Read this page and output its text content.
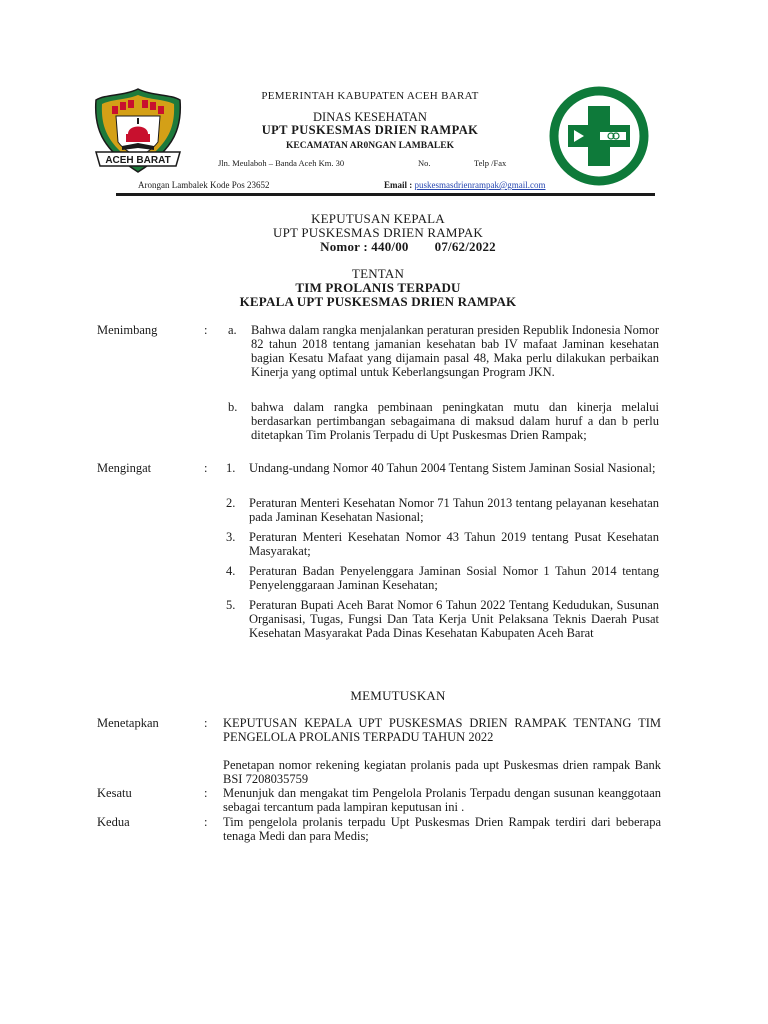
ACEH BARAT
PEMERINTAH KABUPATEN ACEH BARAT
DINAS KESEHATAN
UPT PUSKESMAS DRIEN RAMPAK
KECAMATAN AR0NGAN LAMBALEK
Jln. Meulaboh – Banda Aceh Km. 30	No.	Telp /Fax
Arongan Lambalek Kode Pos 23652	Email : puskesmasdrienrampak@gmail.com
KEPUTUSAN KEPALA
UPT PUSKESMAS DRIEN RAMPAK
Nomor : 440/00 07/62/2022
TENTAN
TIM PROLANIS TERPADU
KEPALA UPT PUSKESMAS DRIEN RAMPAK
Menimbang	: a. Bahwa dalam rangka menjalankan peraturan presiden Republik Indonesia Nomor 82 tahun 2018 tentang jamanian kesehatan bab IV mafaat Jaminan kesehatan bagian Kesatu Mafaat yang dijamain pasal 48, Maka perlu dilakukan perbaikan Kinerja yang optimal untuk Keberlangsungan Program JKN.
b. bahwa dalam rangka pembinaan peningkatan mutu dan kinerja melalui berdasarkan pertimbangan sebagaimana di maksud dalam huruf a dan b perlu ditetapkan Tim Prolanis Terpadu di Upt Puskesmas Drien Rampak;
Mengingat	: 1. Undang-undang Nomor 40 Tahun 2004 Tentang Sistem Jaminan Sosial Nasional;
2. Peraturan Menteri Kesehatan Nomor 71 Tahun 2013 tentang pelayanan kesehatan pada Jaminan Kesehatan Nasional;
3. Peraturan Menteri Kesehatan Nomor 43 Tahun 2019 tentang Pusat Kesehatan Masyarakat;
4. Peraturan Badan Penyelenggara Jaminan Sosial Nomor 1 Tahun 2014 tentang Penyelenggaraan Jaminan Kesehatan;
5. Peraturan Bupati Aceh Barat Nomor 6 Tahun 2022 Tentang Kedudukan, Susunan Organisasi, Tugas, Fungsi Dan Tata Kerja Unit Pelaksana Teknis Daerah Pusat Kesehatan Masyarakat Pada Dinas Kesehatan Kabupaten Aceh Barat
MEMUTUSKAN
Menetapkan	: KEPUTUSAN KEPALA UPT PUSKESMAS DRIEN RAMPAK TENTANG TIM PENGELOLA PROLANIS TERPADU TAHUN 2022
Penetapan nomor rekening kegiatan prolanis pada upt Puskesmas drien rampak Bank BSI 7208035759
Kesatu	: Menunjuk dan mengakat tim Pengelola Prolanis Terpadu dengan susunan keanggotaan sebagai tercantum pada lampiran keputusan ini .
Kedua	: Tim pengelola prolanis terpadu Upt Puskesmas Drien Rampak terdiri dari beberapa tenaga Medi dan para Medis;
